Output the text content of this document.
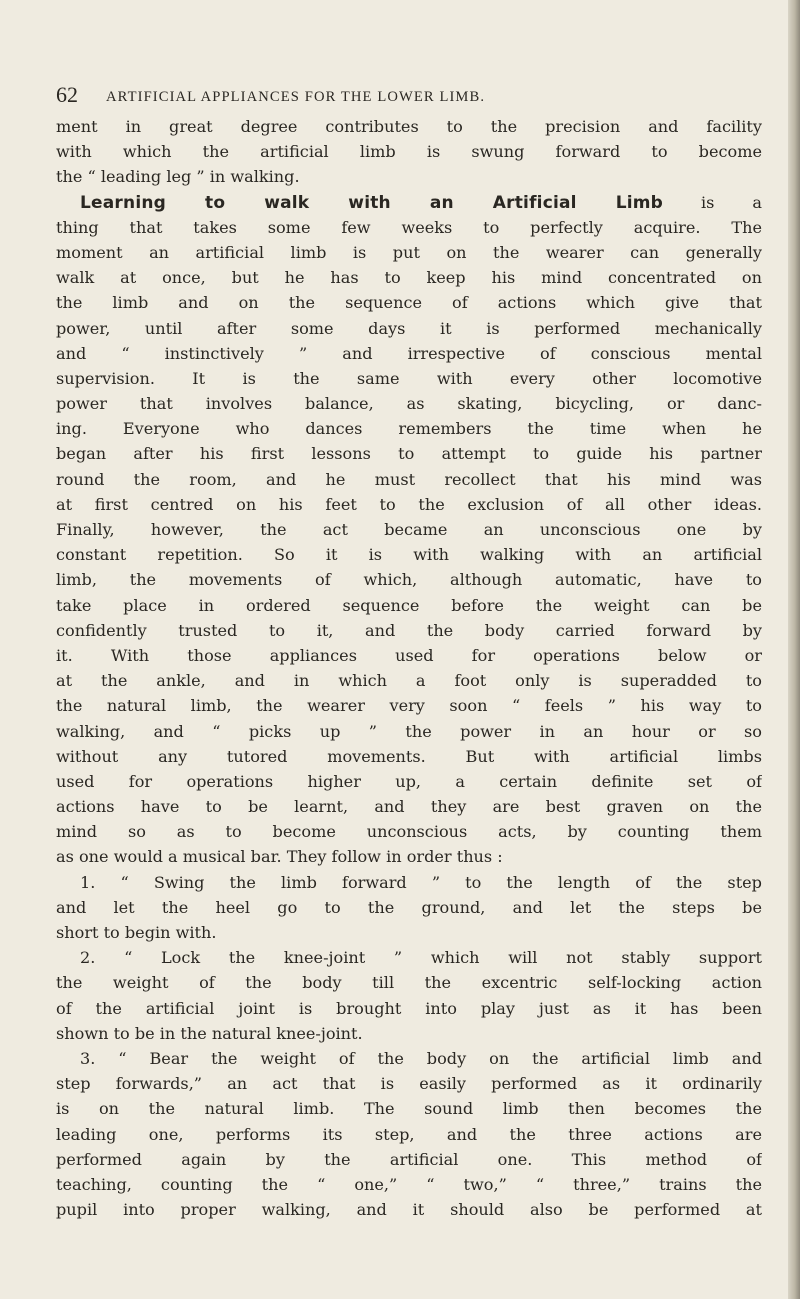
62 ARTIFICIAL APPLIANCES FOR THE LOWER LIMB.
ment in great degree contributes to the precision and facility
with which the artificial limb is swung forward to become
the “ leading leg ” in walking.
Learning to walk with an Artificial Limb is a
thing that takes some few weeks to perfectly acquire. The
moment an artificial limb is put on the wearer can generally
walk at once, but he has to keep his mind concentrated on
the limb and on the sequence of actions which give that
power, until after some days it is performed mechanically
and “ instinctively ” and irrespective of conscious mental
supervision. It is the same with every other locomotive
power that involves balance, as skating, bicycling, or danc-
ing. Everyone who dances remembers the time when he
began after his first lessons to attempt to guide his partner
round the room, and he must recollect that his mind was
at first centred on his feet to the exclusion of all other ideas.
Finally, however, the act became an unconscious one by
constant repetition. So it is with walking with an artificial
limb, the movements of which, although automatic, have to
take place in ordered sequence before the weight can be
confidently trusted to it, and the body carried forward by
it. With those appliances used for operations below or
at the ankle, and in which a foot only is superadded to
the natural limb, the wearer very soon “ feels ” his way to
walking, and “ picks up ” the power in an hour or so
without any tutored movements. But with artificial limbs
used for operations higher up, a certain definite set of
actions have to be learnt, and they are best graven on the
mind so as to become unconscious acts, by counting them
as one would a musical bar. They follow in order thus :
1. “ Swing the limb forward ” to the length of the step
and let the heel go to the ground, and let the steps be
short to begin with.
2. “ Lock the knee-joint ” which will not stably support
the weight of the body till the excentric self-locking action
of the artificial joint is brought into play just as it has been
shown to be in the natural knee-joint.
3. “ Bear the weight of the body on the artificial limb and
step forwards,” an act that is easily performed as it ordinarily
is on the natural limb. The sound limb then becomes the
leading one, performs its step, and the three actions are
performed again by the artificial one. This method of
teaching, counting the “ one,” “ two,” “ three,” trains the
pupil into proper walking, and it should also be performed at
